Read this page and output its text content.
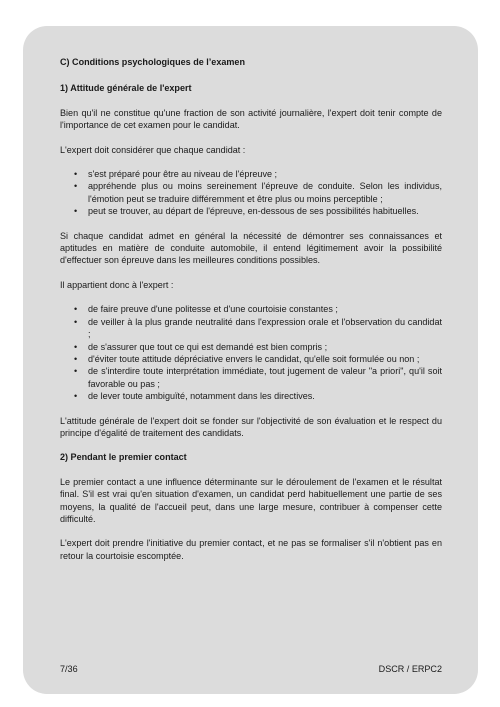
C) Conditions psychologiques de l’examen
1) Attitude générale de l'expert

Bien qu'il ne constitue qu'une fraction de son activité journalière, l'expert doit tenir compte de l'importance de cet examen pour le candidat.

L'expert doit considérer que chaque candidat :

• s'est préparé pour être au niveau de l'épreuve ;
• appréhende plus ou moins sereinement l'épreuve de conduite. Selon les individus, l'émotion peut se traduire différemment et être plus ou moins perceptible ;
• peut se trouver, au départ de l'épreuve, en-dessous de ses possibilités habituelles.

Si chaque candidat admet en général la nécessité de démontrer ses connaissances et aptitudes en matière de conduite automobile, il entend légitimement avoir la possibilité d'effectuer son épreuve dans les meilleures conditions possibles.

Il appartient donc à l'expert :

• de faire preuve d'une politesse et d'une courtoisie constantes ;
• de veiller à la plus grande neutralité dans l'expression orale et l'observation du candidat ;
• de s'assurer que tout ce qui est demandé est bien compris ;
• d'éviter toute attitude dépréciative envers le candidat, qu'elle soit formulée ou non ;
• de s'interdire toute interprétation immédiate, tout jugement de valeur "a priori", qu'il soit favorable ou pas ;
• de lever toute ambiguïté, notamment dans les directives.

L'attitude générale de l'expert doit se fonder sur l'objectivité de son évaluation et le respect du principe d'égalité de traitement des candidats.

2) Pendant le premier contact

Le premier contact a une influence déterminante sur le déroulement de l'examen et le résultat final. S'il est vrai qu'en situation d'examen, un candidat perd habituellement une partie de ses moyens, la qualité de l'accueil peut, dans une large mesure, contribuer à compenser cette difficulté.

L'expert doit prendre l'initiative du premier contact, et ne pas se formaliser s'il n'obtient pas en retour la courtoisie escomptée.

7/36	DSCR / ERPC2
